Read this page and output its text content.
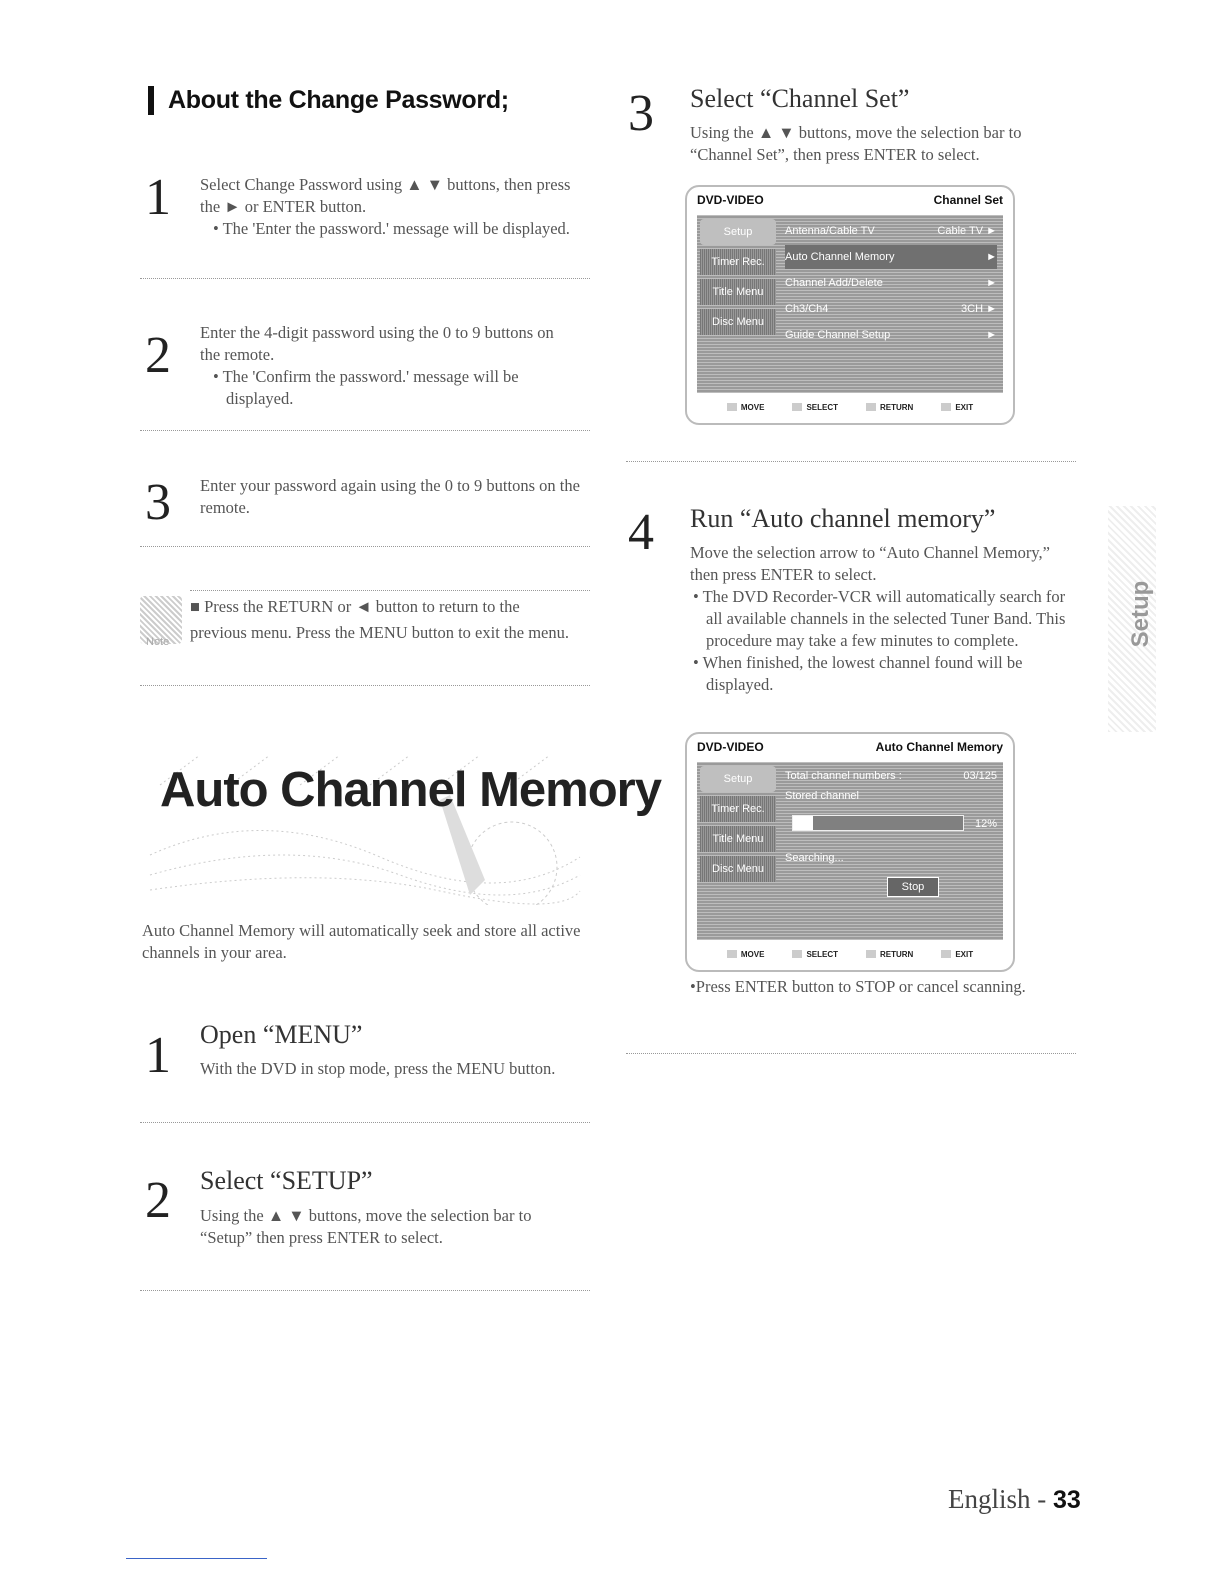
About the Change Password;
1 Select Change Password using ▲ ▼ buttons, then press the ► or ENTER button.
• The 'Enter the password.' message will be displayed.
2 Enter the 4-digit password using the 0 to 9 buttons on the remote.
• The 'Confirm the password.' message will be displayed.
3 Enter your password again using the 0 to 9 buttons on the remote.
Note
■ Press the RETURN or ◄ button to return to the previous menu. Press the MENU button to exit the menu.
Auto Channel Memory
Auto Channel Memory will automatically seek and store all active channels in your area.
1 Open “MENU”
With the DVD in stop mode, press the MENU button.
2 Select “SETUP”
Using the ▲ ▼ buttons, move the selection bar to “Setup” then press ENTER to select.
3 Select “Channel Set”
Using the ▲ ▼ buttons, move the selection bar to “Channel Set”, then press ENTER to select.
DVD-VIDEO	Channel Set
Setup
Timer Rec.
Title Menu
Disc Menu
Antenna/Cable TV	Cable TV ►
Auto Channel Memory	►
Channel Add/Delete	►
Ch3/Ch4	3CH ►
Guide Channel Setup	►
MOVE	SELECT	RETURN	EXIT
4 Run “Auto channel memory”
Move the selection arrow to “Auto Channel Memory,” then press ENTER to select.
• The DVD Recorder-VCR will automatically search for all available channels in the selected Tuner Band. This procedure may take a few minutes to complete.
• When finished, the lowest channel found will be displayed.
DVD-VIDEO	Auto Channel Memory
Setup
Timer Rec.
Title Menu
Disc Menu
Total channel numbers :	03/125
Stored channel
12%
Searching...
Stop
MOVE	SELECT	RETURN	EXIT
•Press ENTER button to STOP or cancel scanning.
Setup
English - 33
